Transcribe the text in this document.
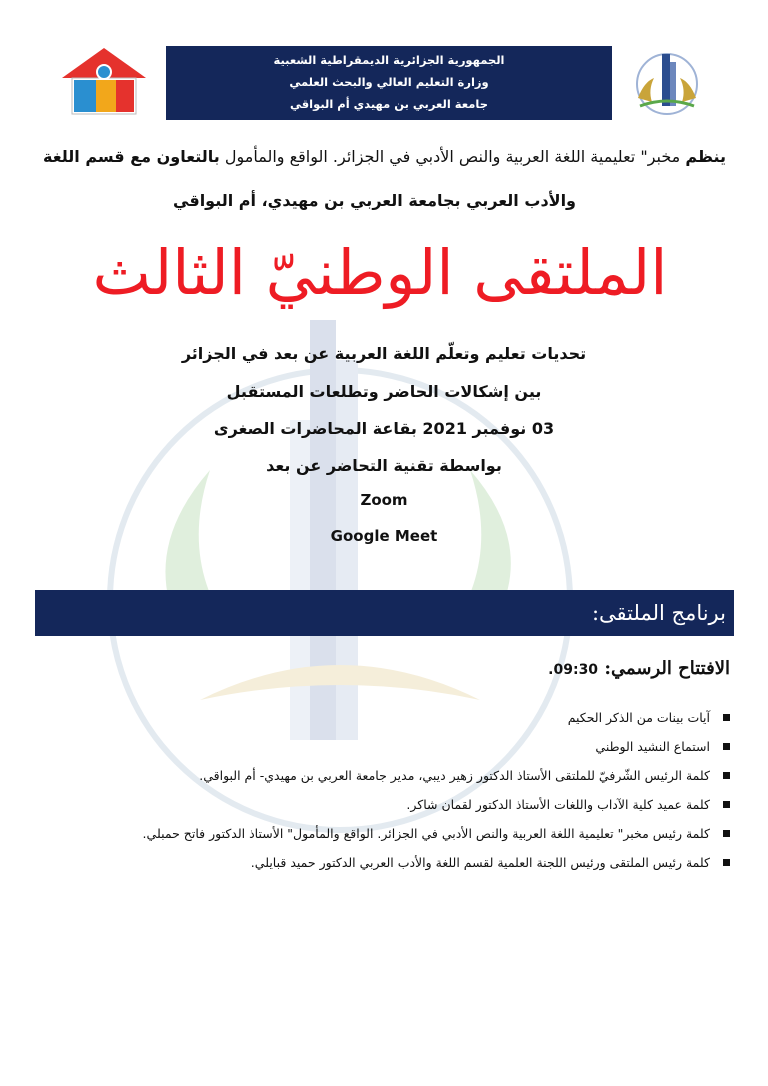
الجمهورية الجزائرية الديمقراطية الشعبية
وزارة التعليم العالي والبحث العلمي
جامعة العربي بن مهيدي أم البواقي
ينظم مخبر" تعليمية اللغة العربية والنص الأدبي في الجزائر. الواقع والمأمول بالتعاون مع قسم اللغة
والأدب العربي بجامعة العربي بن مهيدي، أم البواقي
الملتقى الوطنيّ الثالث
تحديات تعليم وتعلّم اللغة العربية عن بعد في الجزائر
بين إشكالات الحاضر وتطلعات المستقبل
03 نوفمبر 2021 بقاعة المحاضرات الصغرى
بواسطة تقنية التحاضر عن بعد
Zoom
Google Meet
برنامج الملتقى:
الافتتاح الرسمي: 09:30.
آيات بينات من الذكر الحكيم
استماع النشيد الوطني
كلمة الرئيس الشّرفيّ للملتقى الأستاذ الدكتور زهير ديبي، مدير جامعة العربي بن مهيدي- أم البواقي.
كلمة عميد كلية الآداب واللغات الأستاذ الدكتور لقمان شاكر.
كلمة رئيس مخبر" تعليمية اللغة العربية والنص الأدبي في الجزائر. الواقع والمأمول" الأستاذ الدكتور فاتح حمبلي.
كلمة رئيس الملتقى ورئيس اللجنة العلمية لقسم اللغة والأدب العربي الدكتور حميد قبايلي.
